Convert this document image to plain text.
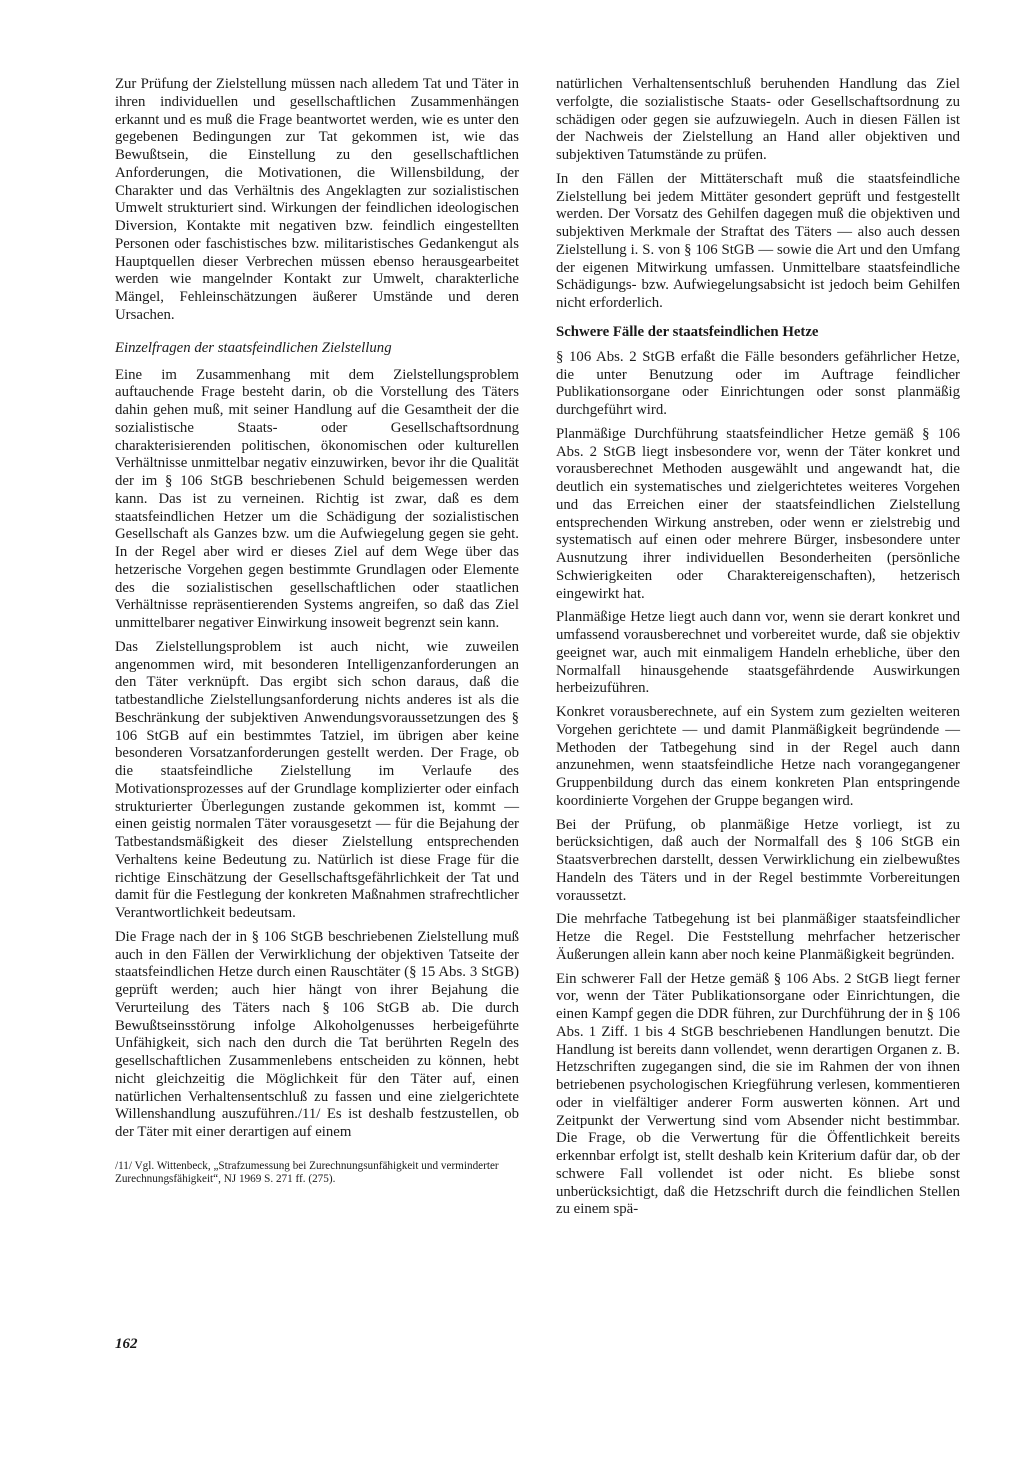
Zur Prüfung der Zielstellung müssen nach alledem Tat und Täter in ihren individuellen und gesellschaftlichen Zusammenhängen erkannt und es muß die Frage beantwortet werden, wie es unter den gegebenen Bedingungen zur Tat gekommen ist, wie das Bewußtsein, die Einstellung zu den gesellschaftlichen Anforderungen, die Motivationen, die Willensbildung, der Charakter und das Verhältnis des Angeklagten zur sozialistischen Umwelt strukturiert sind. Wirkungen der feindlichen ideologischen Diversion, Kontakte mit negativen bzw. feindlich eingestellten Personen oder faschistisches bzw. militaristisches Gedankengut als Hauptquellen dieser Verbrechen müssen ebenso herausgearbeitet werden wie mangelnder Kontakt zur Umwelt, charakterliche Mängel, Fehleinschätzungen äußerer Umstände und deren Ursachen.

Einzelfragen der staatsfeindlichen Zielstellung

Eine im Zusammenhang mit dem Zielstellungsproblem auftauchende Frage besteht darin, ob die Vorstellung des Täters dahin gehen muß, mit seiner Handlung auf die Gesamtheit der die sozialistische Staats- oder Gesellschaftsordnung charakterisierenden politischen, ökonomischen oder kulturellen Verhältnisse unmittelbar negativ einzuwirken, bevor ihr die Qualität der im § 106 StGB beschriebenen Schuld beigemessen werden kann. Das ist zu verneinen. Richtig ist zwar, daß es dem staatsfeindlichen Hetzer um die Schädigung der sozialistischen Gesellschaft als Ganzes bzw. um die Aufwiegelung gegen sie geht. In der Regel aber wird er dieses Ziel auf dem Wege über das hetzerische Vorgehen gegen bestimmte Grundlagen oder Elemente des die sozialistischen gesellschaftlichen oder staatlichen Verhältnisse repräsentierenden Systems angreifen, so daß das Ziel unmittelbarer negativer Einwirkung insoweit begrenzt sein kann.

Das Zielstellungsproblem ist auch nicht, wie zuweilen angenommen wird, mit besonderen Intelligenzanforderungen an den Täter verknüpft. Das ergibt sich schon daraus, daß die tatbestandliche Zielstellungsanforderung nichts anderes ist als die Beschränkung der subjektiven Anwendungsvoraussetzungen des § 106 StGB auf ein bestimmtes Tatziel, im übrigen aber keine besonderen Vorsatzanforderungen gestellt werden. Der Frage, ob die staatsfeindliche Zielstellung im Verlaufe des Motivationsprozesses auf der Grundlage komplizierter oder einfach strukturierter Überlegungen zustande gekommen ist, kommt — einen geistig normalen Täter vorausgesetzt — für die Bejahung der Tatbestandsmäßigkeit des dieser Zielstellung entsprechenden Verhaltens keine Bedeutung zu. Natürlich ist diese Frage für die richtige Einschätzung der Gesellschaftsgefährlichkeit der Tat und damit für die Festlegung der konkreten Maßnahmen strafrechtlicher Verantwortlichkeit bedeutsam.

Die Frage nach der in § 106 StGB beschriebenen Zielstellung muß auch in den Fällen der Verwirklichung der objektiven Tatseite der staatsfeindlichen Hetze durch einen Rauschtäter (§ 15 Abs. 3 StGB) geprüft werden; auch hier hängt von ihrer Bejahung die Verurteilung des Täters nach § 106 StGB ab. Die durch Bewußtseinsstörung infolge Alkoholgenusses herbeigeführte Unfähigkeit, sich nach den durch die Tat berührten Regeln des gesellschaftlichen Zusammenlebens entscheiden zu können, hebt nicht gleichzeitig die Möglichkeit für den Täter auf, einen natürlichen Verhaltensentschluß zu fassen und eine zielgerichtete Willenshandlung auszuführen./11/ Es ist deshalb festzustellen, ob der Täter mit einer derartigen auf einem

/11/ Vgl. Wittenbeck, „Strafzumessung bei Zurechnungsunfähigkeit und verminderter Zurechnungsfähigkeit“, NJ 1969 S. 271 ff. (275).

natürlichen Verhaltensentschluß beruhenden Handlung das Ziel verfolgte, die sozialistische Staats- oder Gesellschaftsordnung zu schädigen oder gegen sie aufzuwiegeln. Auch in diesen Fällen ist der Nachweis der Zielstellung an Hand aller objektiven und subjektiven Tatumstände zu prüfen.

In den Fällen der Mittäterschaft muß die staatsfeindliche Zielstellung bei jedem Mittäter gesondert geprüft und festgestellt werden. Der Vorsatz des Gehilfen dagegen muß die objektiven und subjektiven Merkmale der Straftat des Täters — also auch dessen Zielstellung i. S. von § 106 StGB — sowie die Art und den Umfang der eigenen Mitwirkung umfassen. Unmittelbare staatsfeindliche Schädigungs- bzw. Aufwiegelungsabsicht ist jedoch beim Gehilfen nicht erforderlich.

Schwere Fälle der staatsfeindlichen Hetze

§ 106 Abs. 2 StGB erfaßt die Fälle besonders gefährlicher Hetze, die unter Benutzung oder im Auftrage feindlicher Publikationsorgane oder Einrichtungen oder sonst planmäßig durchgeführt wird.

Planmäßige Durchführung staatsfeindlicher Hetze gemäß § 106 Abs. 2 StGB liegt insbesondere vor, wenn der Täter konkret und vorausberechnet Methoden ausgewählt und angewandt hat, die deutlich ein systematisches und zielgerichtetes weiteres Vorgehen und das Erreichen einer der staatsfeindlichen Zielstellung entsprechenden Wirkung anstreben, oder wenn er zielstrebig und systematisch auf einen oder mehrere Bürger, insbesondere unter Ausnutzung ihrer individuellen Besonderheiten (persönliche Schwierigkeiten oder Charaktereigenschaften), hetzerisch eingewirkt hat.

Planmäßige Hetze liegt auch dann vor, wenn sie derart konkret und umfassend vorausberechnet und vorbereitet wurde, daß sie objektiv geeignet war, auch mit einmaligem Handeln erhebliche, über den Normalfall hinausgehende staatsgefährdende Auswirkungen herbeizuführen.

Konkret vorausberechnete, auf ein System zum gezielten weiteren Vorgehen gerichtete — und damit Planmäßigkeit begründende — Methoden der Tatbegehung sind in der Regel auch dann anzunehmen, wenn staatsfeindliche Hetze nach vorangegangener Gruppenbildung durch das einem konkreten Plan entspringende koordinierte Vorgehen der Gruppe begangen wird.

Bei der Prüfung, ob planmäßige Hetze vorliegt, ist zu berücksichtigen, daß auch der Normalfall des § 106 StGB ein Staatsverbrechen darstellt, dessen Verwirklichung ein zielbewußtes Handeln des Täters und in der Regel bestimmte Vorbereitungen voraussetzt.

Die mehrfache Tatbegehung ist bei planmäßiger staatsfeindlicher Hetze die Regel. Die Feststellung mehrfacher hetzerischer Äußerungen allein kann aber noch keine Planmäßigkeit begründen.

Ein schwerer Fall der Hetze gemäß § 106 Abs. 2 StGB liegt ferner vor, wenn der Täter Publikationsorgane oder Einrichtungen, die einen Kampf gegen die DDR führen, zur Durchführung der in § 106 Abs. 1 Ziff. 1 bis 4 StGB beschriebenen Handlungen benutzt. Die Handlung ist bereits dann vollendet, wenn derartigen Organen z. B. Hetzschriften zugegangen sind, die sie im Rahmen der von ihnen betriebenen psychologischen Kriegführung verlesen, kommentieren oder in vielfältiger anderer Form auswerten können. Art und Zeitpunkt der Verwertung sind vom Absender nicht bestimmbar. Die Frage, ob die Verwertung für die Öffentlichkeit bereits erkennbar erfolgt ist, stellt deshalb kein Kriterium dafür dar, ob der schwere Fall vollendet ist oder nicht. Es bliebe sonst unberücksichtigt, daß die Hetzschrift durch die feindlichen Stellen zu einem spä-

162
